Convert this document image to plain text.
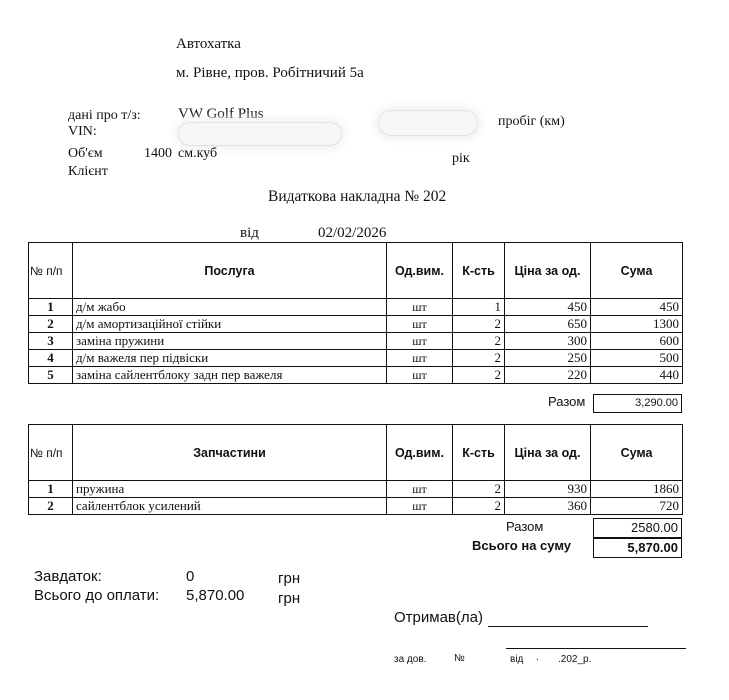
Автохатка
м. Рівне, пров. Робітничий 5а
дані про т/з: VW Golf Plus
VIN:
пробіг (км)
Об'єм	1400 см.куб	рік
Клієнт
Видаткова накладна № 202
від	02/02/2026
№ п/п	Послуга	Од.вим.	К-сть	Ціна за од.	Сума
1	д/м жабо	шт	1	450	450
2	д/м амортизаційної стійки	шт	2	650	1300
3	заміна пружини	шт	2	300	600
4	д/м важеля пер підвіски	шт	2	250	500
5	заміна сайлентблоку задн пер важеля	шт	2	220	440
Разом	3,290.00
№ п/п	Запчастини	Од.вим.	К-сть	Ціна за од.	Сума
1	пружина	шт	2	930	1860
2	сайлентблок усилений	шт	2	360	720
Разом	2580.00
Всього на суму	5,870.00
Завдаток:	0	грн
Всього до оплати: 5,870.00 грн
Отримав(ла)
за дов.	№	від . .202_р.
